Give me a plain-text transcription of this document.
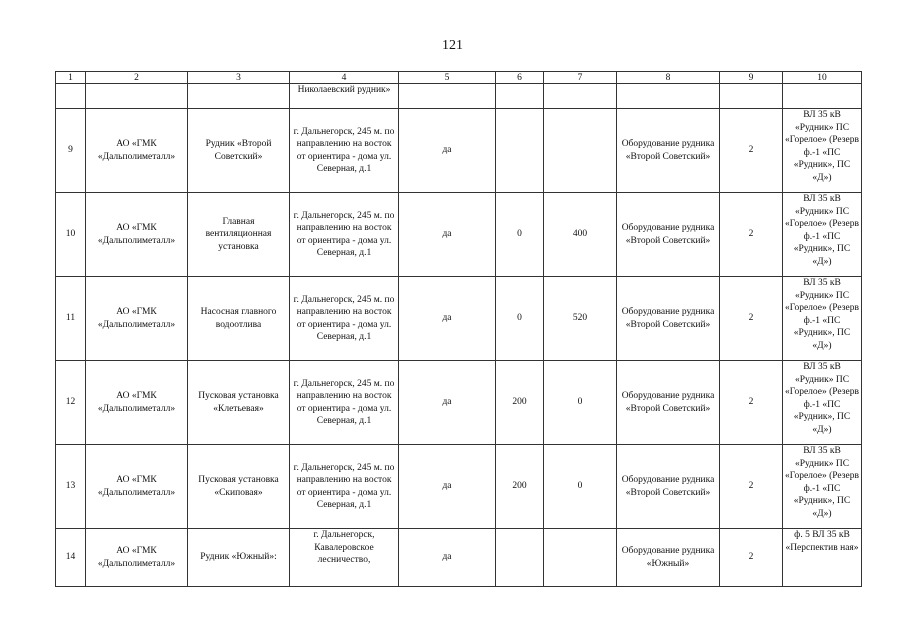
121
1	2	3	4	5	6	7	8	9	10
			Николаевский рудник»						
9	АО «ГМК «Дальполиметалл»	Рудник «Второй Советский»	г. Дальнегорск, 245 м. по направлению на восток от ориентира - дома ул. Северная, д.1	да			Оборудование рудника «Второй Советский»	2	ВЛ 35 кВ «Рудник» ПС «Горелое» (Резерв ф.-1 «ПС «Рудник», ПС «Д»)
10	АО «ГМК «Дальполиметалл»	Главная вентиляционная установка	г. Дальнегорск, 245 м. по направлению на восток от ориентира - дома ул. Северная, д.1	да	0	400	Оборудование рудника «Второй Советский»	2	ВЛ 35 кВ «Рудник» ПС «Горелое» (Резерв ф.-1 «ПС «Рудник», ПС «Д»)
11	АО «ГМК «Дальполиметалл»	Насосная главного водоотлива	г. Дальнегорск, 245 м. по направлению на восток от ориентира - дома ул. Северная, д.1	да	0	520	Оборудование рудника «Второй Советский»	2	ВЛ 35 кВ «Рудник» ПС «Горелое» (Резерв ф.-1 «ПС «Рудник», ПС «Д»)
12	АО «ГМК «Дальполиметалл»	Пусковая установка «Клетьевая»	г. Дальнегорск, 245 м. по направлению на восток от ориентира - дома ул. Северная, д.1	да	200	0	Оборудование рудника «Второй Советский»	2	ВЛ 35 кВ «Рудник» ПС «Горелое» (Резерв ф.-1 «ПС «Рудник», ПС «Д»)
13	АО «ГМК «Дальполиметалл»	Пусковая установка «Скиповая»	г. Дальнегорск, 245 м. по направлению на восток от ориентира - дома ул. Северная, д.1	да	200	0	Оборудование рудника «Второй Советский»	2	ВЛ 35 кВ «Рудник» ПС «Горелое» (Резерв ф.-1 «ПС «Рудник», ПС «Д»)
14	АО «ГМК «Дальполиметалл»	Рудник «Южный»:	г. Дальнегорск, Кавалеровское лесничество,	да			Оборудование рудника «Южный»	2	ф. 5 ВЛ 35 кВ «Перспектив ная»
